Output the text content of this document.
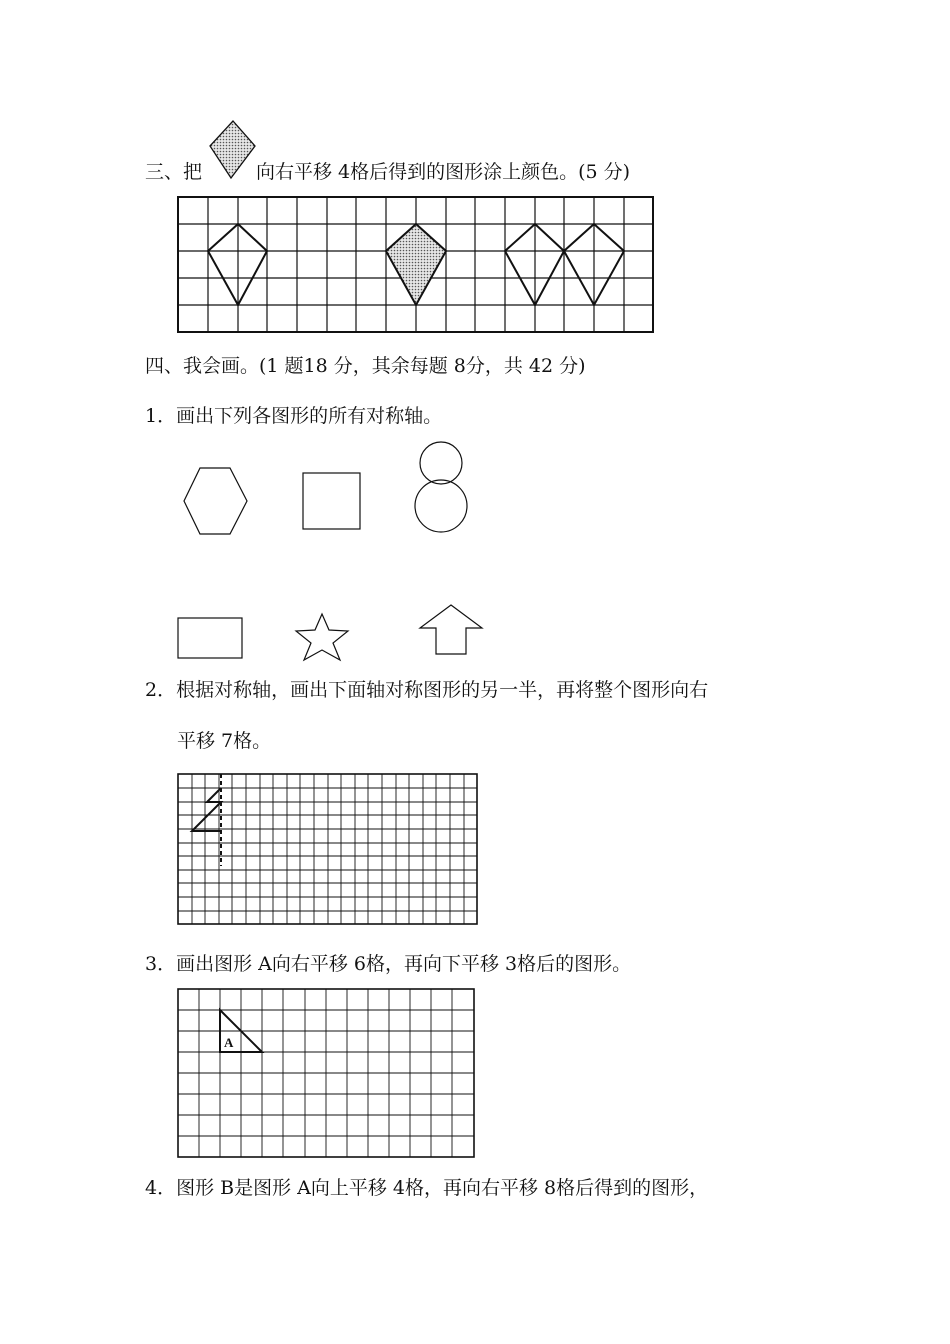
三、把	向右平移 4格后得到的图形涂上颜色。(5 分)
四、我会画。(1 题18 分，其余每题 8分，共 42 分)
1．画出下列各图形的所有对称轴。
2．根据对称轴，画出下面轴对称图形的另一半，再将整个图形向右
平移 7格。
3．画出图形 A向右平移 6格，再向下平移 3格后的图形。
A
4．图形 B是图形 A向上平移 4格，再向右平移 8格后得到的图形，
